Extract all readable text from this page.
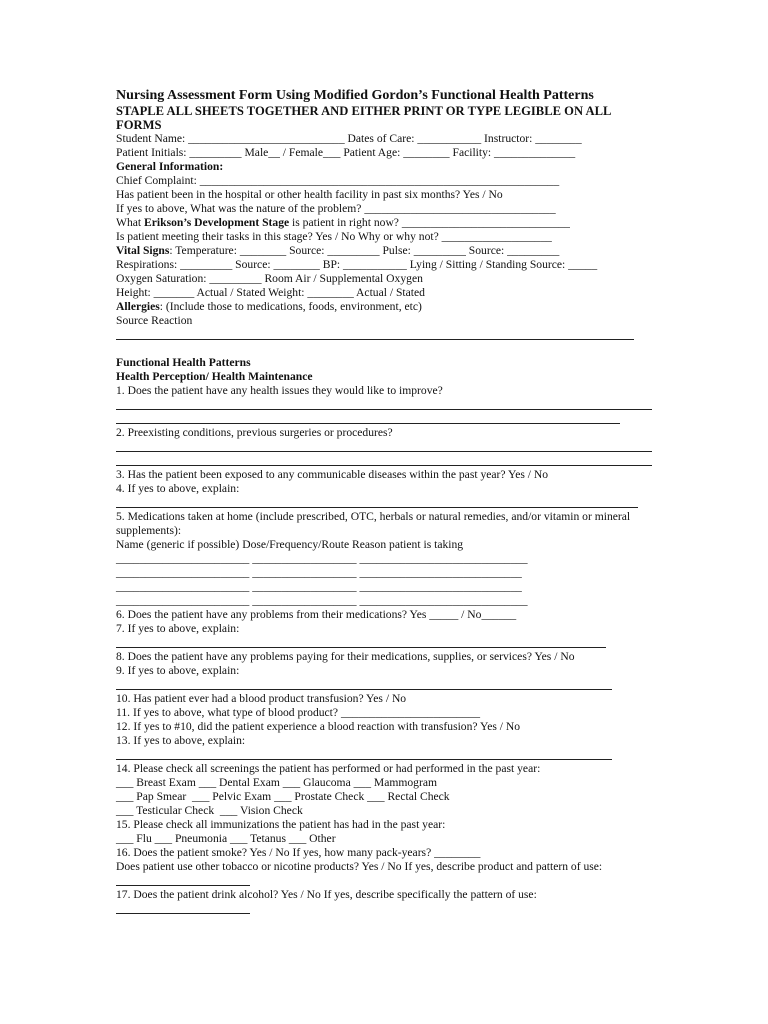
Nursing Assessment Form Using Modified Gordon’s Functional Health Patterns
STAPLE ALL SHEETS TOGETHER AND EITHER PRINT OR TYPE LEGIBLE ON ALL FORMS
Student Name: ___________________________ Dates of Care: ___________ Instructor: ________
Patient Initials: _________ Male__ / Female___ Patient Age: ________ Facility: ______________
General Information:
Chief Complaint: ______________________________________________________________
Has patient been in the hospital or other health facility in past six months? Yes / No
If yes to above, What was the nature of the problem? _________________________________
What Erikson’s Development Stage is patient in right now? _____________________________
Is patient meeting their tasks in this stage? Yes / No Why or why not? ___________________
Vital Signs: Temperature: ________ Source: _________ Pulse: _________ Source: _________
Respirations: _________ Source: ________ BP: ___________ Lying / Sitting / Standing Source: _____
Oxygen Saturation: _________ Room Air / Supplemental Oxygen
Height: _______ Actual / Stated Weight: ________ Actual / Stated
Allergies: (Include those to medications, foods, environment, etc)
Source Reaction
Functional Health Patterns
Health Perception/ Health Maintenance
1. Does the patient have any health issues they would like to improve?
2. Preexisting conditions, previous surgeries or procedures?
3. Has the patient been exposed to any communicable diseases within the past year? Yes / No
4. If yes to above, explain:
5. Medications taken at home (include prescribed, OTC, herbals or natural remedies, and/or vitamin or mineral supplements):
Name (generic if possible) Dose/Frequency/Route Reason patient is taking
_______________________ __________________ _____________________________
_______________________ __________________ ____________________________
_______________________ __________________ ____________________________
_______________________ __________________ _____________________________
6. Does the patient have any problems from their medications? Yes _____ / No______
7. If yes to above, explain:
8. Does the patient have any problems paying for their medications, supplies, or services? Yes / No
9. If yes to above, explain:
10. Has patient ever had a blood product transfusion? Yes / No
11. If yes to above, what type of blood product? ________________________
12. If yes to #10, did the patient experience a blood reaction with transfusion? Yes / No
13. If yes to above, explain:
14. Please check all screenings the patient has performed or had performed in the past year:
___ Breast Exam ___ Dental Exam ___ Glaucoma ___ Mammogram
___ Pap Smear  ___ Pelvic Exam ___ Prostate Check ___ Rectal Check
___ Testicular Check  ___ Vision Check
15. Please check all immunizations the patient has had in the past year:
___ Flu ___ Pneumonia ___ Tetanus ___ Other
16. Does the patient smoke? Yes / No If yes, how many pack-years? ________
Does patient use other tobacco or nicotine products? Yes / No If yes, describe product and pattern of use:
17. Does the patient drink alcohol? Yes / No If yes, describe specifically the pattern of use:
